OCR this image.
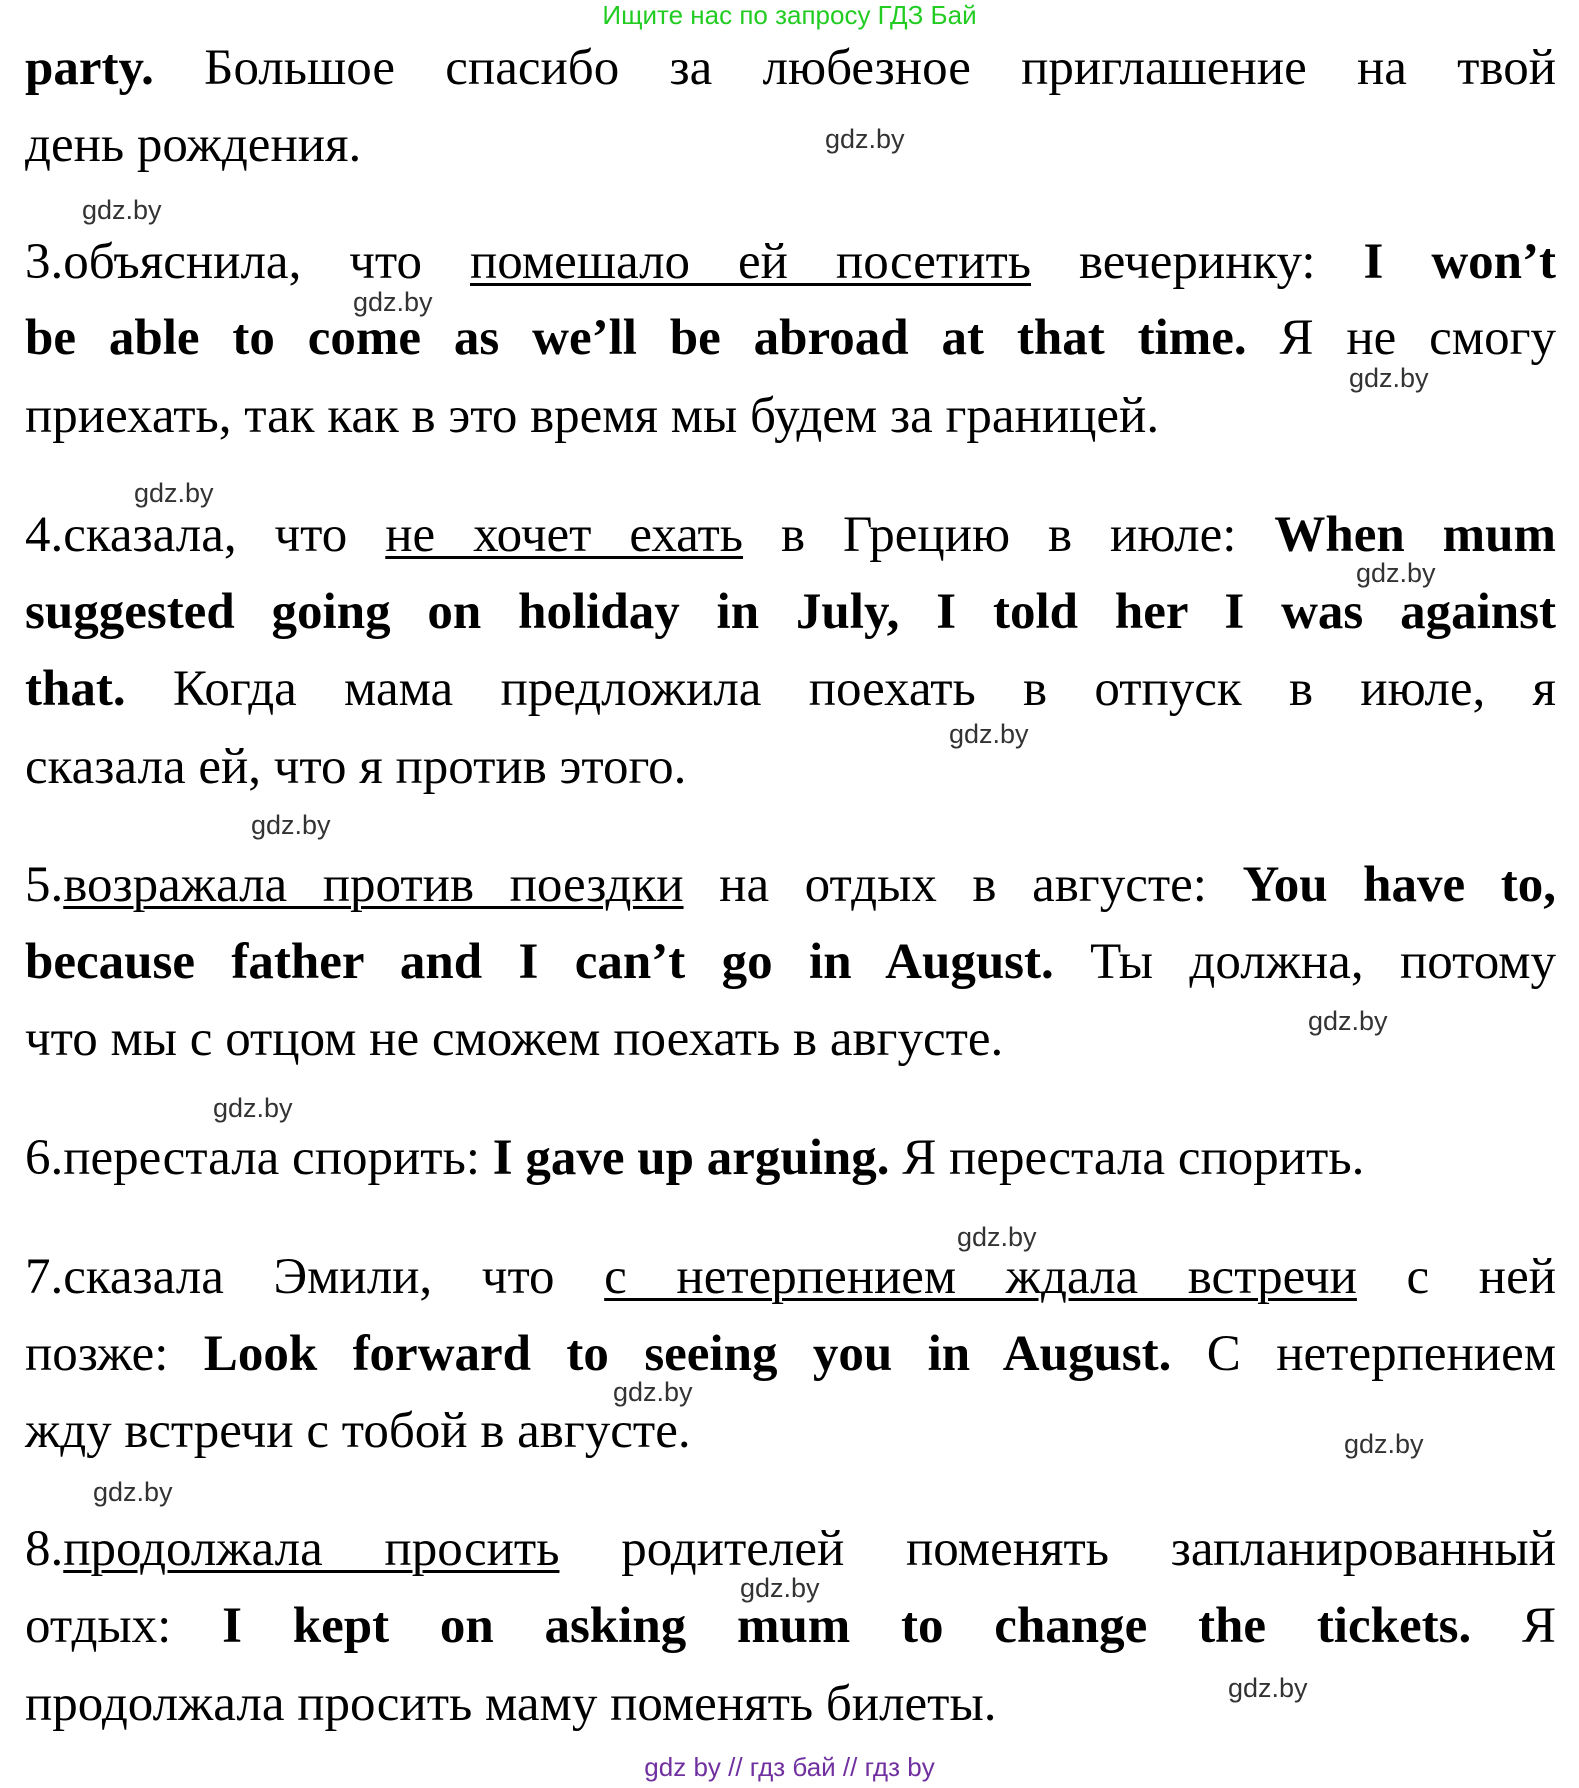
Ищите нас по запросу ГДЗ Бай
party. Большое спасибо за любезное приглашение на твой
день рождения.
3.объяснила, что помешало ей посетить вечеринку: I won’t
be able to come as we’ll be abroad at that time. Я не смогу
приехать, так как в это время мы будем за границей.
4.сказала, что не хочет ехать в Грецию в июле: When mum
suggested going on holiday in July, I told her I was against
that. Когда мама предложила поехать в отпуск в июле, я
сказала ей, что я против этого.
5.возражала против поездки на отдых в августе: You have to,
because father and I can’t go in August. Ты должна, потому
что мы с отцом не сможем поехать в августе.
6.перестала спорить: I gave up arguing. Я перестала спорить.
7.сказала Эмили, что с нетерпением ждала встречи с ней
позже: Look forward to seeing you in August. С нетерпением
жду встречи с тобой в августе.
8.продолжала просить родителей поменять запланированный
отдых: I kept on asking mum to change the tickets. Я
продолжала просить маму поменять билеты.
gdz.by
gdz.by
gdz.by
gdz.by
gdz.by
gdz.by
gdz.by
gdz.by
gdz.by
gdz.by
gdz.by
gdz.by
gdz.by
gdz.by
gdz.by
gdz.by
gdz by // гдз бай // гдз by
